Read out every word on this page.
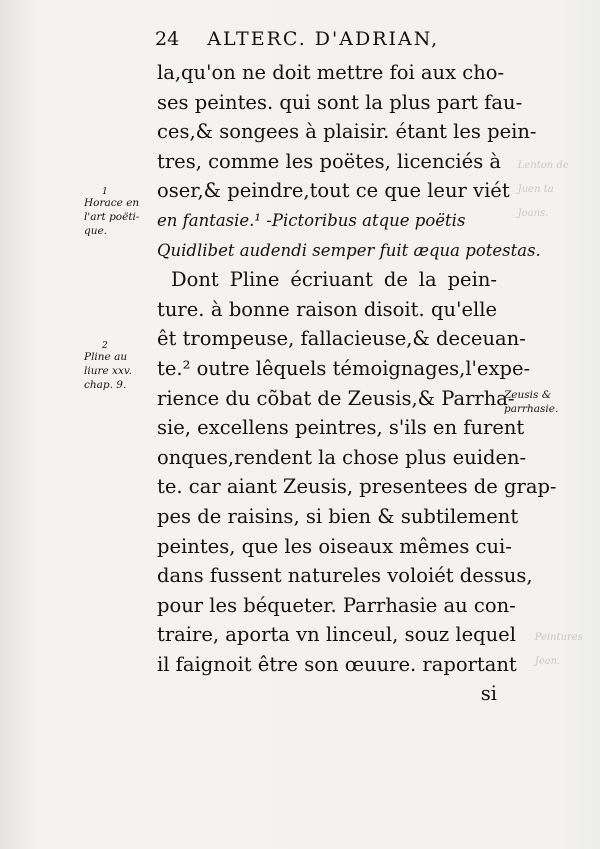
Lenton de

Juen ta

Joans.

Peintures

Jean.

24 ALTERC. D'ADRIAN,
la,qu'on ne doit mettre foi aux cho-
ses peintes. qui sont la plus part fau-
ces,& songees à plaisir. étant les pein-
tres, comme les poëtes, licenciés à
oser,& peindre,tout ce que leur viét
en fantasie.¹ -Pictoribus atque poëtis
Quidlibet audendi semper fuit æqua potestas.
Dont Pline écriuant de la pein-
ture. à bonne raison disoit. qu'elle
êt trompeuse, fallacieuse,& deceuan-
te.² outre lêquels témoignages,l'expe-
rience du cõbat de Zeusis,& Parrha-
sie, excellens peintres, s'ils en furent
onques,rendent la chose plus euiden-
te. car aiant Zeusis, presentees de grap-
pes de raisins, si bien & subtilement
peintes, que les oiseaux mêmes cui-
dans fussent natureles voloiét dessus,
pour les béqueter. Parrhasie au con-
traire, aporta vn linceul, souz lequel
il faignoit être son œuure. raportant
si
1
Horace en
l'art poëti-
que.
2
Pline au
liure xxv.
chap. 9.
Zeusis &
parrhasie.
